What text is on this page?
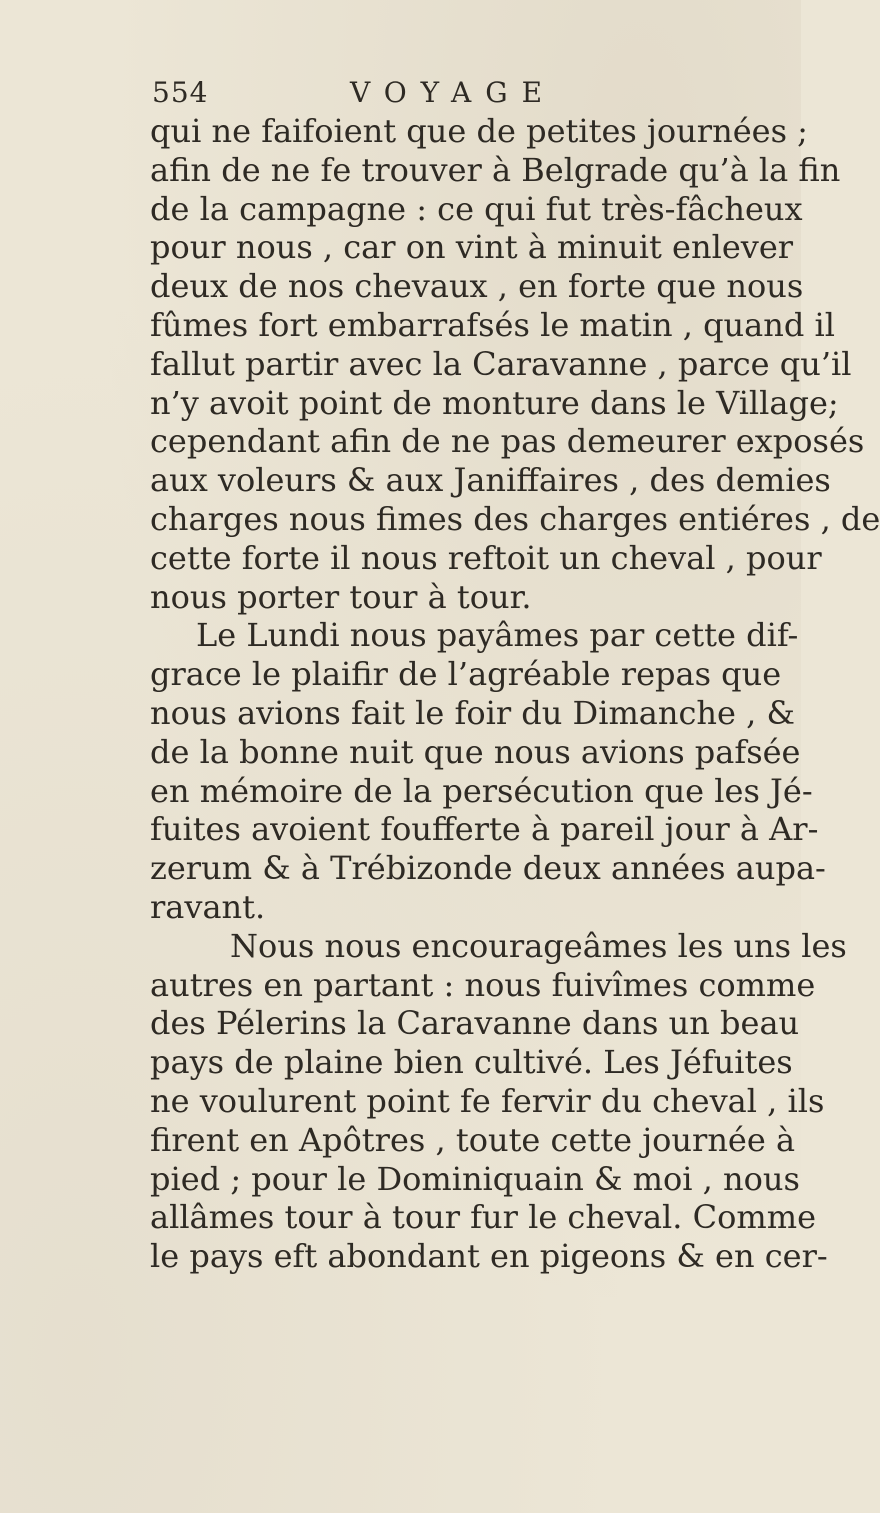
554	VOYAGE
qui ne faifoient que de petites journées ;
afin de ne fe trouver à Belgrade qu’à la fin
de la campagne : ce qui fut très-fâcheux
pour nous , car on vint à minuit enlever
deux de nos chevaux , en forte que nous
fûmes fort embarrafsés le matin , quand il
fallut partir avec la Caravanne , parce qu’il
n’y avoit point de monture dans le Village;
cependant afin de ne pas demeurer exposés
aux voleurs & aux Janiffaires , des demies
charges nous fimes des charges entiéres , de
cette forte il nous reftoit un cheval , pour
nous porter tour à tour.
Le Lundi nous payâmes par cette dif-
grace le plaifir de l’agréable repas que
nous avions fait le foir du Dimanche , &
de la bonne nuit que nous avions pafsée
en mémoire de la persécution que les Jé-
fuites avoient foufferte à pareil jour à Ar-
zerum & à Trébizonde deux années aupa-
ravant.
Nous nous encourageâmes les uns les
autres en partant : nous fuivîmes comme
des Pélerins la Caravanne dans un beau
pays de plaine bien cultivé. Les Jéfuites
ne voulurent point fe fervir du cheval , ils
firent en Apôtres , toute cette journée à
pied ; pour le Dominiquain & moi , nous
allâmes tour à tour fur le cheval. Comme
le pays eft abondant en pigeons & en cer-
